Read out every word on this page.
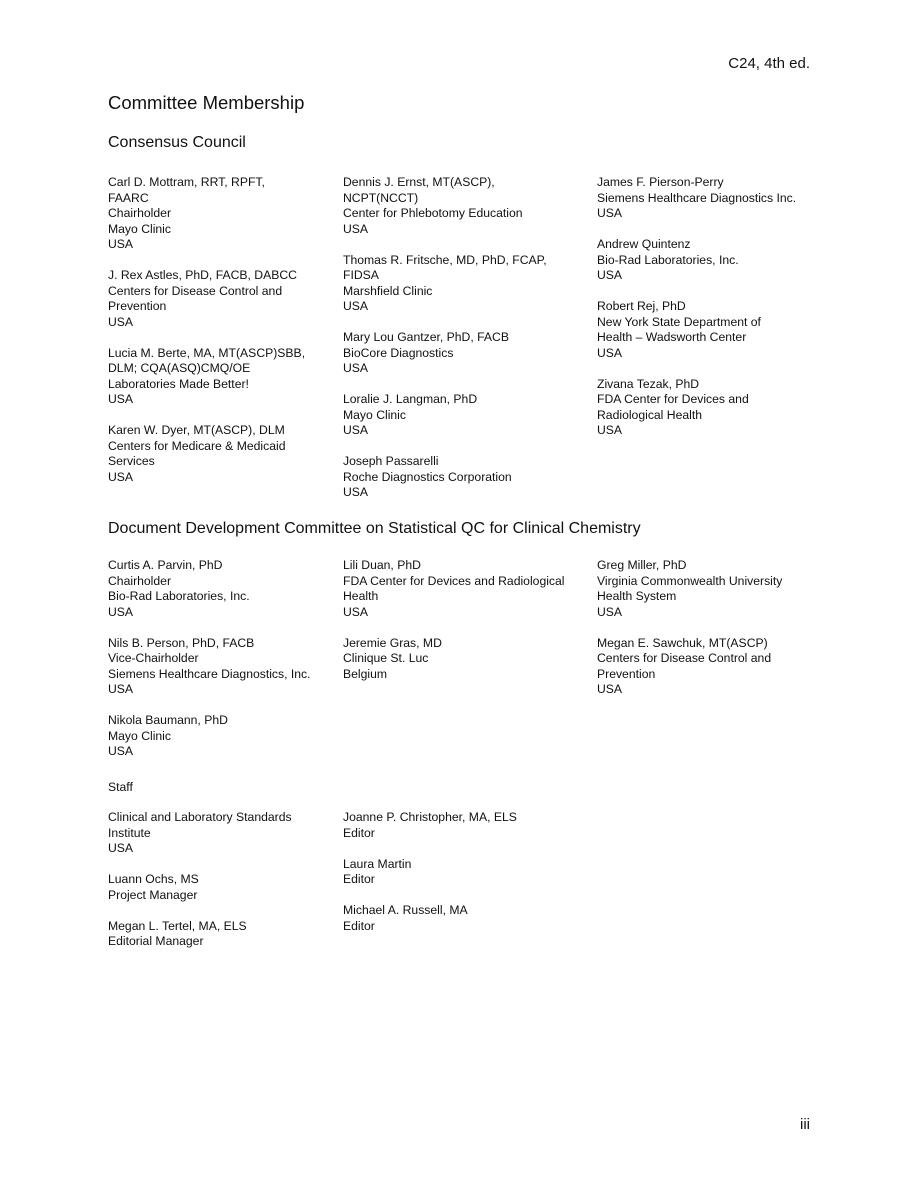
C24, 4th ed.
Committee Membership
Consensus Council
Carl D. Mottram, RRT, RPFT,
FAARC
Chairholder
Mayo Clinic
USA
J. Rex Astles, PhD, FACB, DABCC
Centers for Disease Control and
Prevention
USA
Lucia M. Berte, MA, MT(ASCP)SBB,
DLM; CQA(ASQ)CMQ/OE
Laboratories Made Better!
USA
Karen W. Dyer, MT(ASCP), DLM
Centers for Medicare & Medicaid
Services
USA
Dennis J. Ernst, MT(ASCP),
NCPT(NCCT)
Center for Phlebotomy Education
USA
Thomas R. Fritsche, MD, PhD, FCAP,
FIDSA
Marshfield Clinic
USA
Mary Lou Gantzer, PhD, FACB
BioCore Diagnostics
USA
Loralie J. Langman, PhD
Mayo Clinic
USA
Joseph Passarelli
Roche Diagnostics Corporation
USA
James F. Pierson-Perry
Siemens Healthcare Diagnostics Inc.
USA
Andrew Quintenz
Bio-Rad Laboratories, Inc.
USA
Robert Rej, PhD
New York State Department of
Health – Wadsworth Center
USA
Zivana Tezak, PhD
FDA Center for Devices and
Radiological Health
USA
Document Development Committee on Statistical QC for Clinical Chemistry
Curtis A. Parvin, PhD
Chairholder
Bio-Rad Laboratories, Inc.
USA
Nils B. Person, PhD, FACB
Vice-Chairholder
Siemens Healthcare Diagnostics, Inc.
USA
Nikola Baumann, PhD
Mayo Clinic
USA
Lili Duan, PhD
FDA Center for Devices and Radiological
Health
USA
Jeremie Gras, MD
Clinique St. Luc
Belgium
Greg Miller, PhD
Virginia Commonwealth University
Health System
USA
Megan E. Sawchuk, MT(ASCP)
Centers for Disease Control and
Prevention
USA
Staff
Clinical and Laboratory Standards
Institute
USA
Luann Ochs, MS
Project Manager
Megan L. Tertel, MA, ELS
Editorial Manager
Joanne P. Christopher, MA, ELS
Editor
Laura Martin
Editor
Michael A. Russell, MA
Editor
iii
